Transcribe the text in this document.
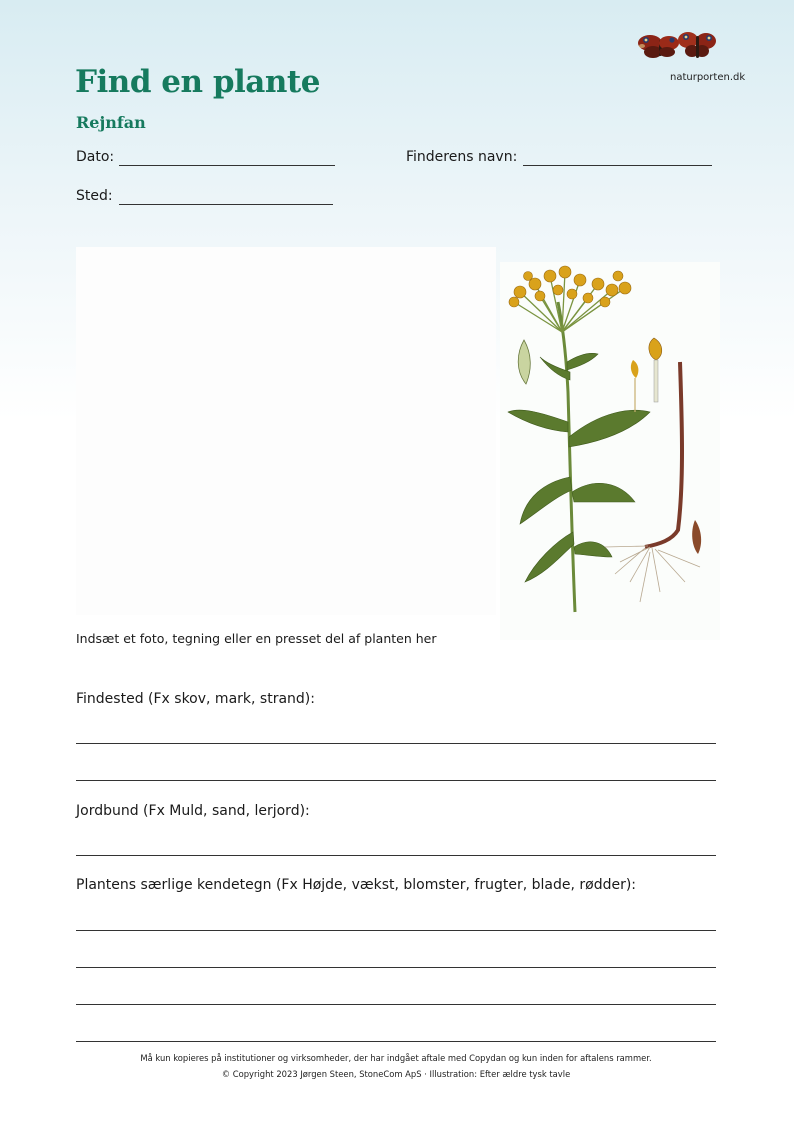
naturporten.dk
Find en plante
Rejnfan
Dato:	Finderens navn:
Sted:
Indsæt et foto, tegning eller en presset del af planten her
Findested (Fx skov, mark, strand):
Jordbund (Fx Muld, sand, lerjord):
Plantens særlige kendetegn (Fx Højde, vækst, blomster, frugter, blade, rødder):
Må kun kopieres på institutioner og virksomheder, der har indgået aftale med Copydan og kun inden for aftalens rammer.
© Copyright 2023 Jørgen Steen, StoneCom ApS · Illustration: Efter ældre tysk tavle
